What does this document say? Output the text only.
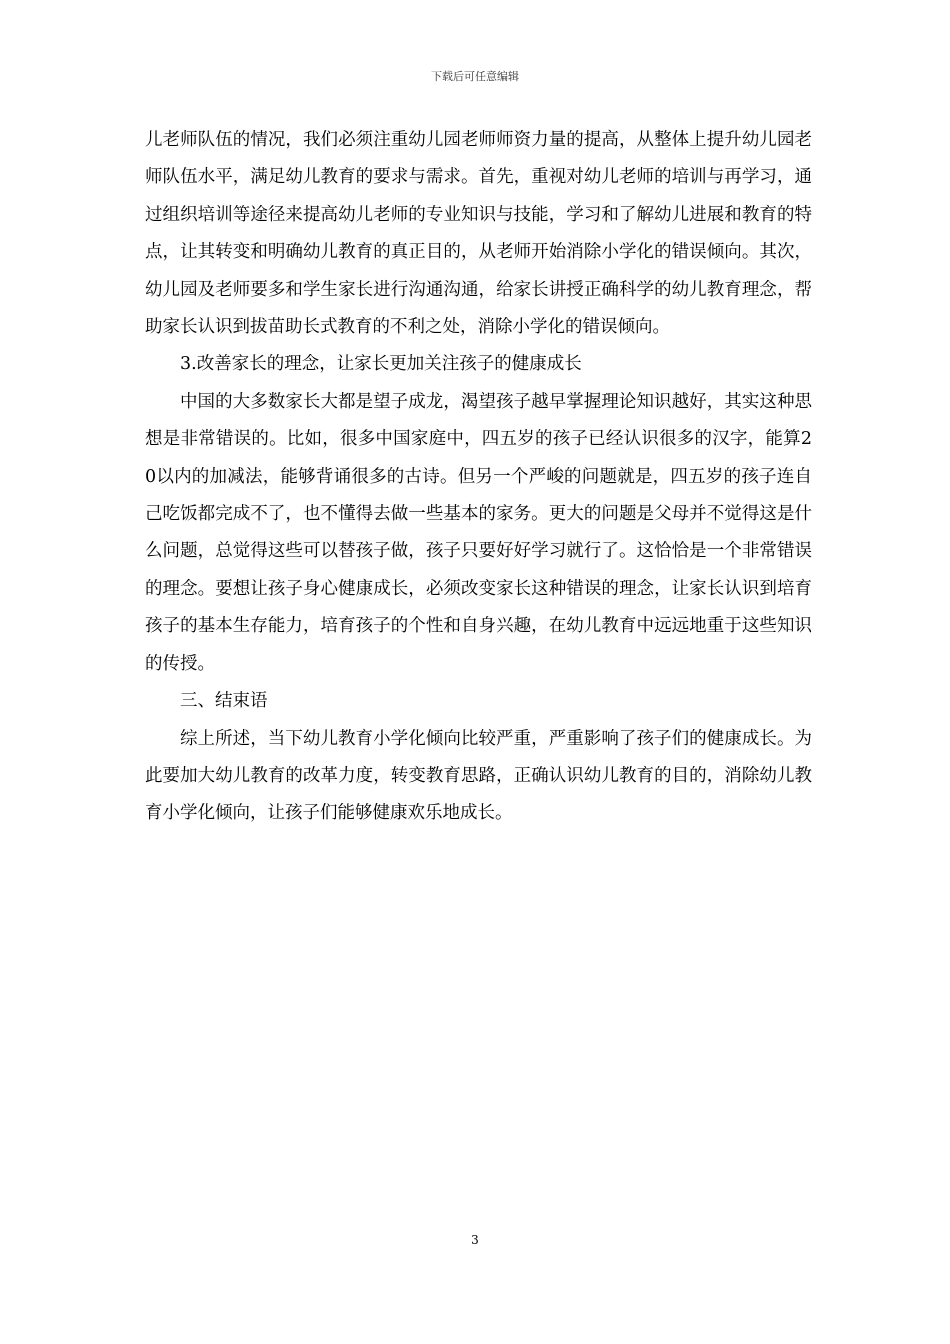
下载后可任意编辑

儿老师队伍的情况，我们必须注重幼儿园老师师资力量的提高，从整体上提升幼儿园老师队伍水平，满足幼儿教育的要求与需求。首先，重视对幼儿老师的培训与再学习，通过组织培训等途径来提高幼儿老师的专业知识与技能，学习和了解幼儿进展和教育的特点，让其转变和明确幼儿教育的真正目的，从老师开始消除小学化的错误倾向。其次，幼儿园及老师要多和学生家长进行沟通沟通，给家长讲授正确科学的幼儿教育理念，帮助家长认识到拔苗助长式教育的不利之处，消除小学化的错误倾向。

3.改善家长的理念，让家长更加关注孩子的健康成长

中国的大多数家长大都是望子成龙，渴望孩子越早掌握理论知识越好，其实这种思想是非常错误的。比如，很多中国家庭中，四五岁的孩子已经认识很多的汉字，能算20以内的加减法，能够背诵很多的古诗。但另一个严峻的问题就是，四五岁的孩子连自己吃饭都完成不了，也不懂得去做一些基本的家务。更大的问题是父母并不觉得这是什么问题，总觉得这些可以替孩子做，孩子只要好好学习就行了。这恰恰是一个非常错误的理念。要想让孩子身心健康成长，必须改变家长这种错误的理念，让家长认识到培育孩子的基本生存能力，培育孩子的个性和自身兴趣，在幼儿教育中远远地重于这些知识的传授。

三、结束语

综上所述，当下幼儿教育小学化倾向比较严重，严重影响了孩子们的健康成长。为此要加大幼儿教育的改革力度，转变教育思路，正确认识幼儿教育的目的，消除幼儿教育小学化倾向，让孩子们能够健康欢乐地成长。

3
